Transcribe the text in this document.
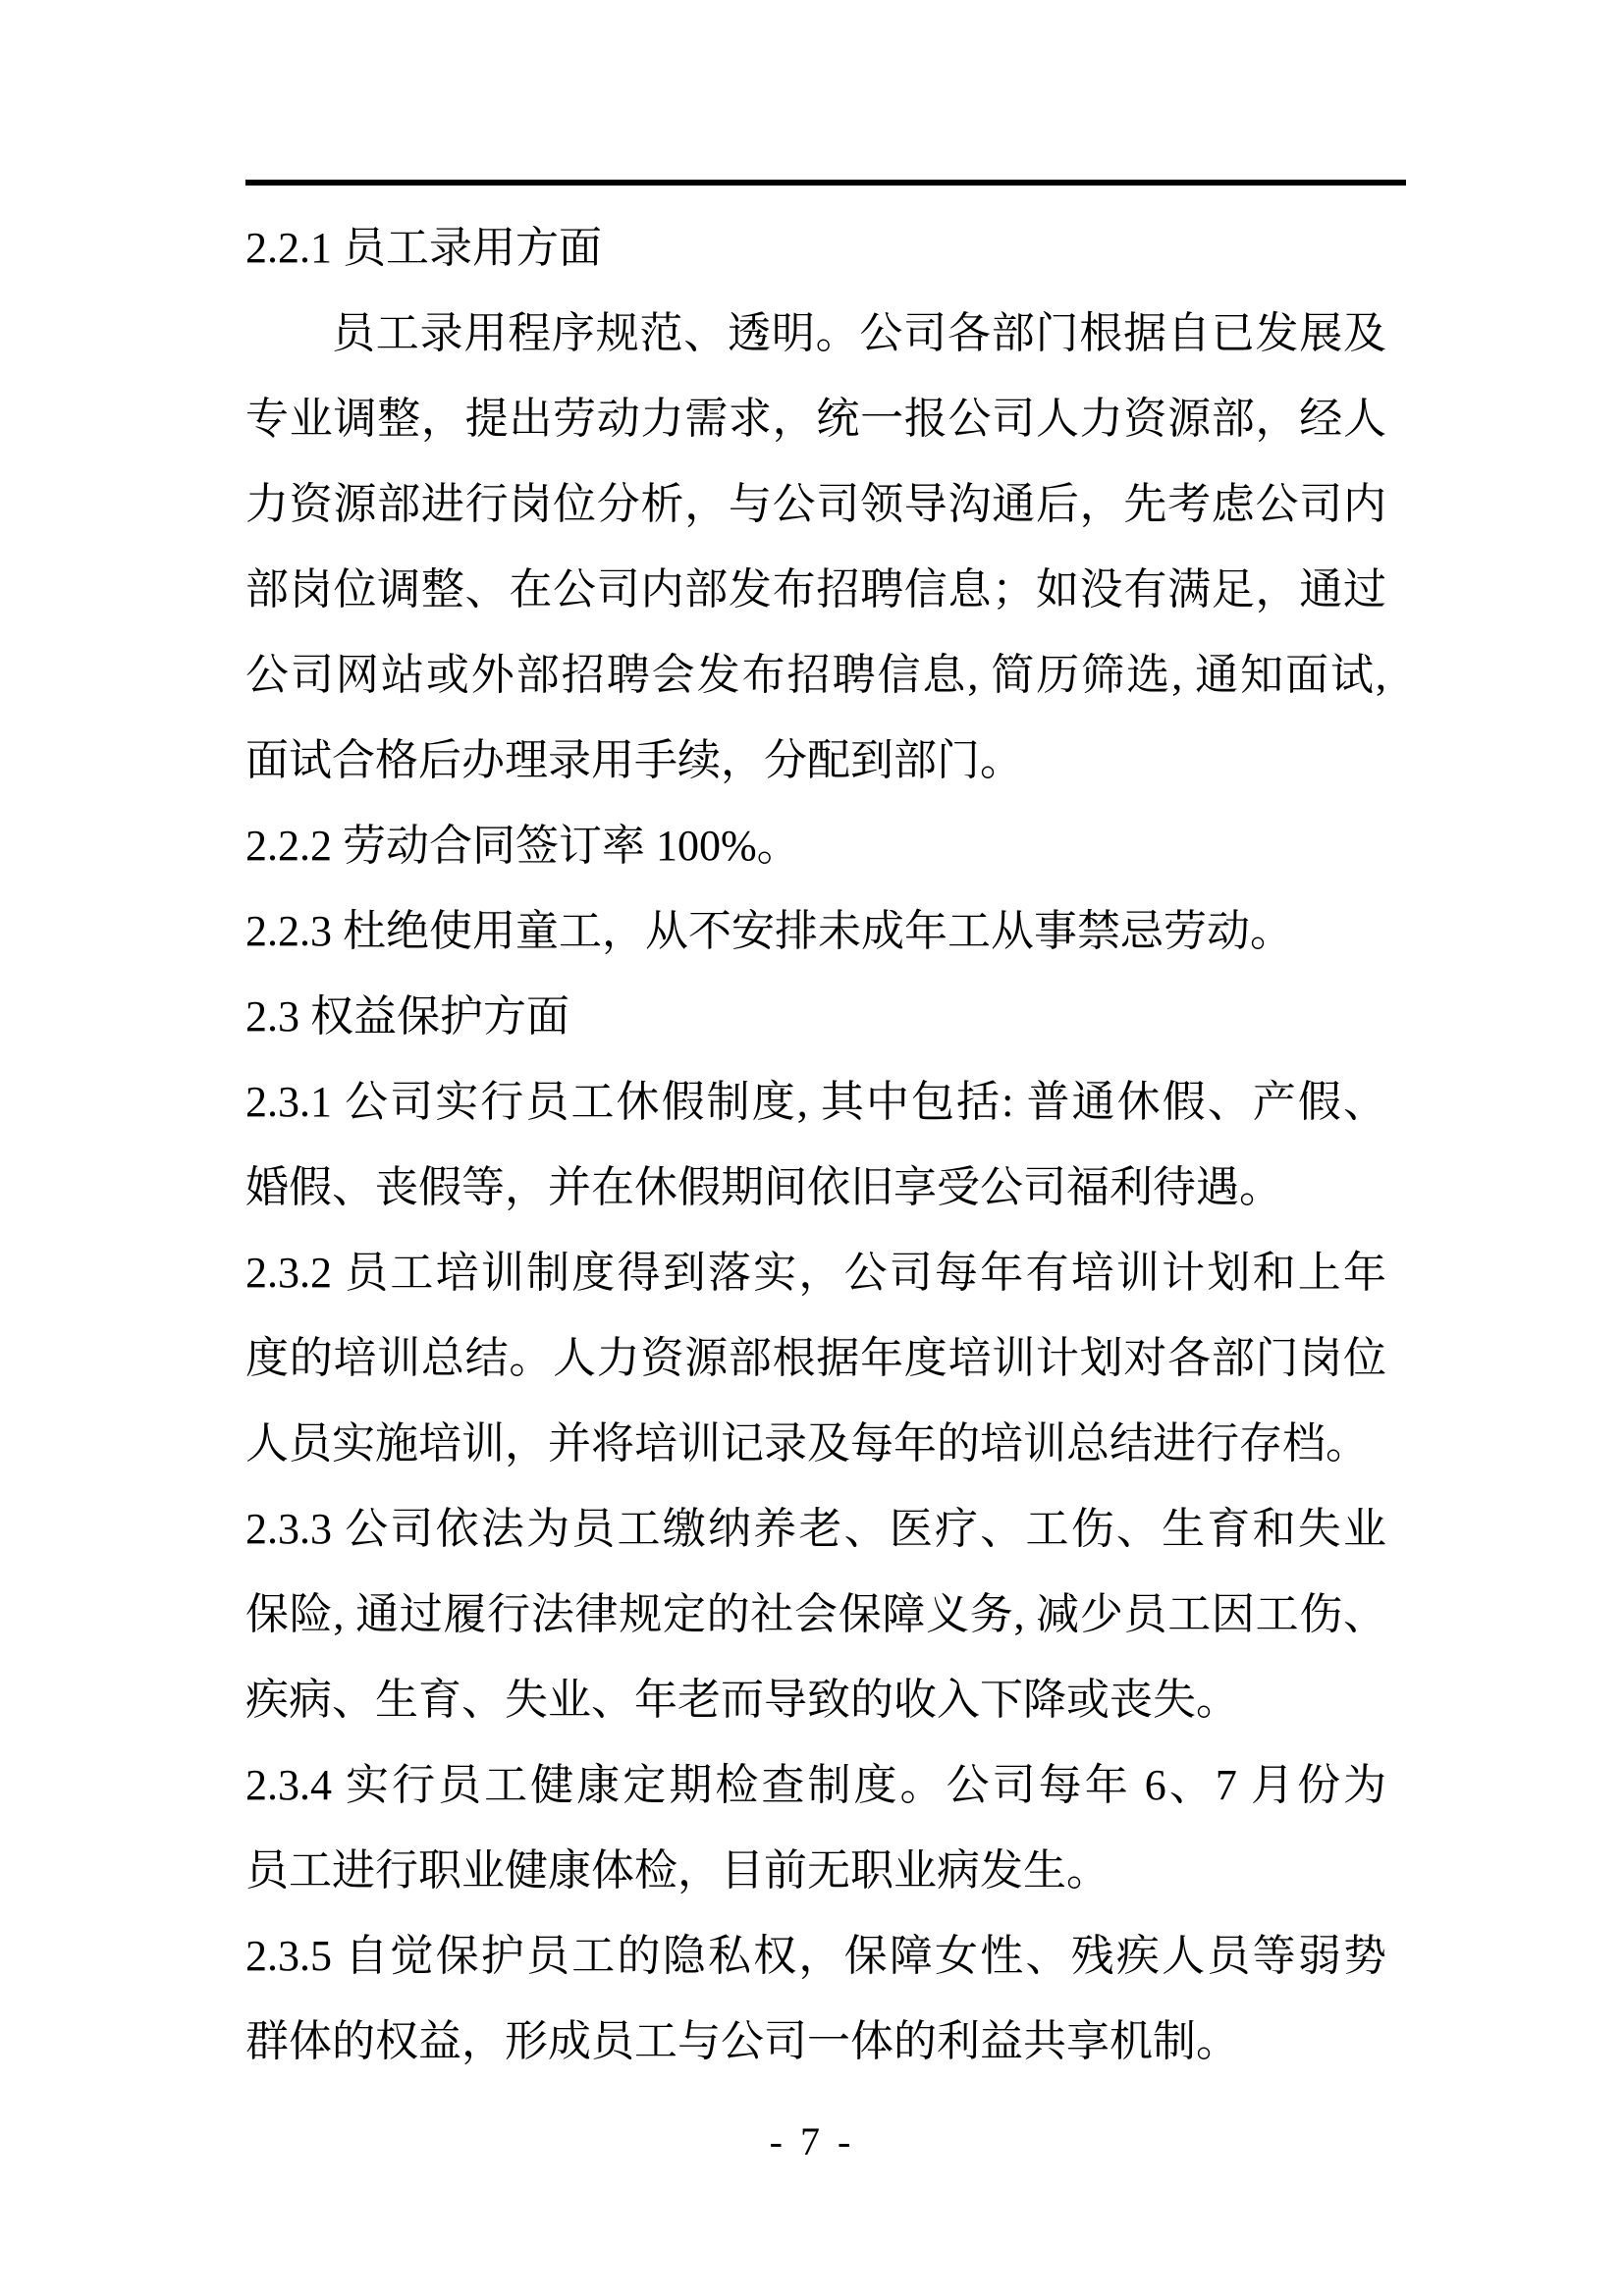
2.2.1 员工录用方面
员工录用程序规范、透明。公司各部门根据自已发展及
专业调整，提出劳动力需求，统一报公司人力资源部，经人
力资源部进行岗位分析，与公司领导沟通后，先考虑公司内
部岗位调整、在公司内部发布招聘信息；如没有满足，通过
公司网站或外部招聘会发布招聘信息, 简历筛选, 通知面试,
面试合格后办理录用手续，分配到部门。
2.2.2 劳动合同签订率 100%。
2.2.3 杜绝使用童工，从不安排未成年工从事禁忌劳动。
2.3 权益保护方面
2.3.1 公司实行员工休假制度, 其中包括: 普通休假、产假、
婚假、丧假等，并在休假期间依旧享受公司福利待遇。
2.3.2 员工培训制度得到落实，公司每年有培训计划和上年
度的培训总结。人力资源部根据年度培训计划对各部门岗位
人员实施培训，并将培训记录及每年的培训总结进行存档。
2.3.3 公司依法为员工缴纳养老、医疗、工伤、生育和失业
保险, 通过履行法律规定的社会保障义务, 减少员工因工伤、
疾病、生育、失业、年老而导致的收入下降或丧失。
2.3.4 实行员工健康定期检查制度。公司每年 6、7 月份为
员工进行职业健康体检，目前无职业病发生。
2.3.5 自觉保护员工的隐私权，保障女性、残疾人员等弱势
群体的权益，形成员工与公司一体的利益共享机制。
- 7 -
